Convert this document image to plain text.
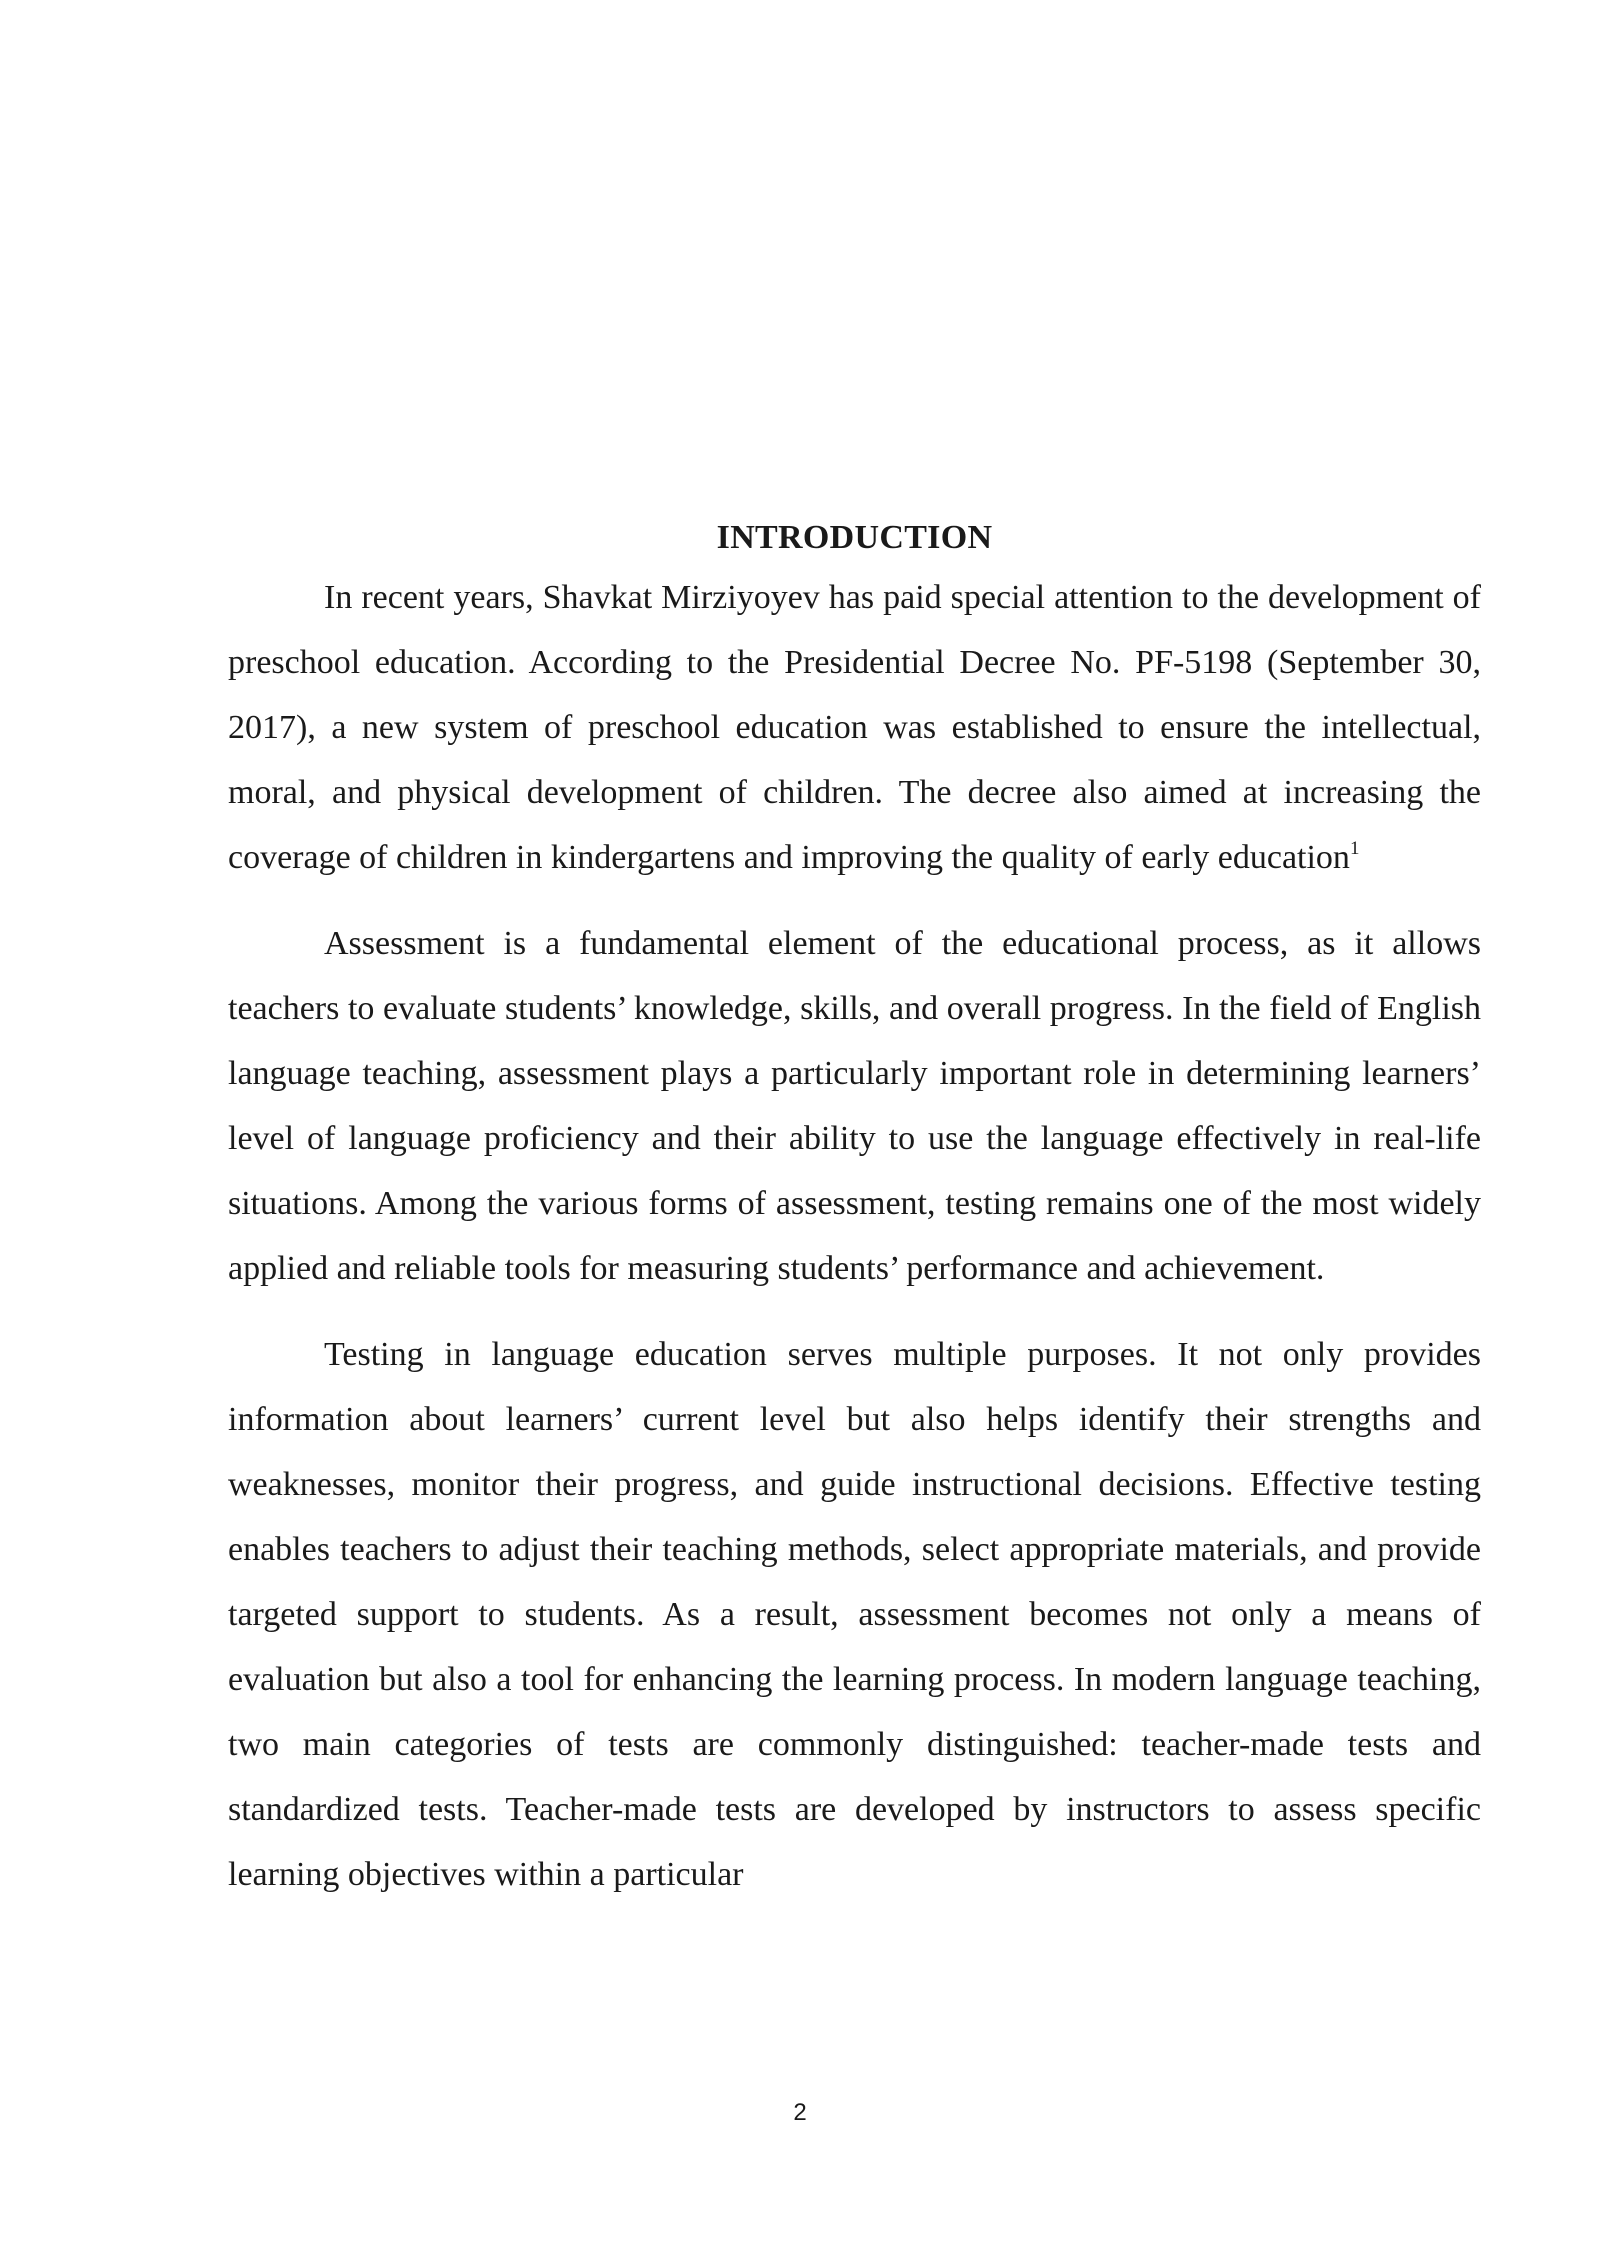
INTRODUCTION

In recent years, Shavkat Mirziyoyev has paid special attention to the development of preschool education. According to the Presidential Decree No. PF-5198 (September 30, 2017), a new system of preschool education was established to ensure the intellectual, moral, and physical development of children. The decree also aimed at increasing the coverage of children in kindergartens and improving the quality of early education$^1$

Assessment is a fundamental element of the educational process, as it allows teachers to evaluate students’ knowledge, skills, and overall progress. In the field of English language teaching, assessment plays a particularly important role in determining learners’ level of language proficiency and their ability to use the language effectively in real-life situations. Among the various forms of assessment, testing remains one of the most widely applied and reliable tools for measuring students’ performance and achievement.

Testing in language education serves multiple purposes. It not only provides information about learners’ current level but also helps identify their strengths and weaknesses, monitor their progress, and guide instructional decisions. Effective testing enables teachers to adjust their teaching methods, select appropriate materials, and provide targeted support to students. As a result, assessment becomes not only a means of evaluation but also a tool for enhancing the learning process. In modern language teaching, two main categories of tests are commonly distinguished: teacher-made tests and standardized tests. Teacher-made tests are developed by instructors to assess specific learning objectives within a particular

2
